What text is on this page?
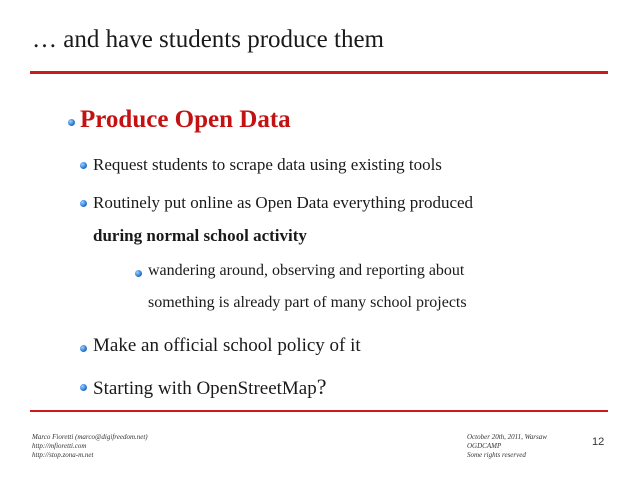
… and have students produce them
Produce Open Data
Request students to scrape data using existing tools
Routinely put online as Open Data everything produced
during normal school activity
wandering around, observing and reporting about
something is already part of many school projects
Make an official school policy of it
Starting with OpenStreetMap?
Marco Fioretti (marco@digifreedom.net)
http://mfioretti.com
http://stop.zona-m.net
October 20th, 2011, Warsaw
OGDCAMP
Some rights reserved
12
